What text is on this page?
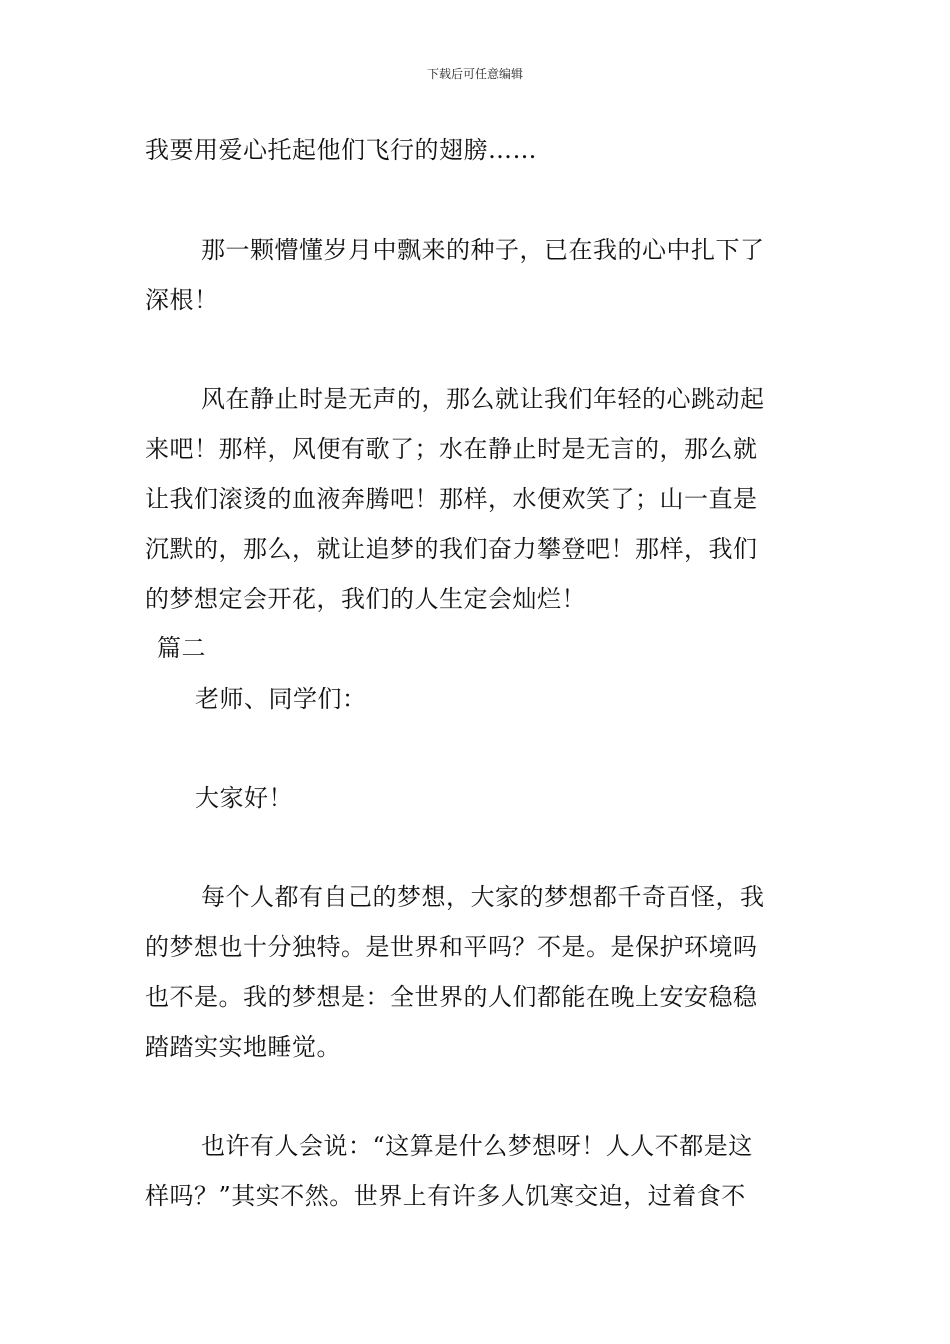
下载后可任意编辑
我要用爱心托起他们飞行的翅膀……
那一颗懵懂岁月中飘来的种子，已在我的心中扎下了
深根！
风在静止时是无声的，那么就让我们年轻的心跳动起
来吧！那样，风便有歌了；水在静止时是无言的，那么就
让我们滚烫的血液奔腾吧！那样，水便欢笑了；山一直是
沉默的，那么，就让追梦的我们奋力攀登吧！那样，我们
的梦想定会开花，我们的人生定会灿烂！
篇二
老师、同学们：
大家好！
每个人都有自己的梦想，大家的梦想都千奇百怪，我
的梦想也十分独特。是世界和平吗？不是。是保护环境吗
也不是。我的梦想是：全世界的人们都能在晚上安安稳稳
踏踏实实地睡觉。
也许有人会说：“这算是什么梦想呀！人人不都是这
样吗？”其实不然。世界上有许多人饥寒交迫，过着食不
